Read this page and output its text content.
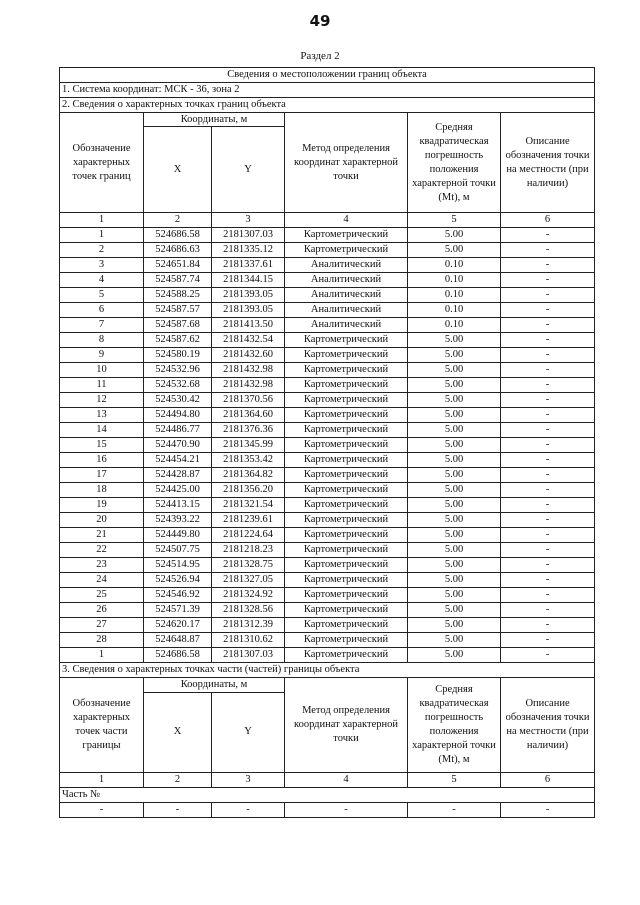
49
Раздел 2
Сведения о местоположении границ объекта					
1. Система координат: МСК - 36, зона 2					
2. Сведения о характерных точках границ объекта					
Обозначение характерных точек границ	Координаты, м		Метод определения координат характерной точки	Средняя квадратическая погрешность положения характерной точки (Mt), м	Описание обозначения точки на местности (при наличии)
	X	Y			
1	2	3	4	5	6
1	524686.58	2181307.03	Картометрический	5.00	-
2	524686.63	2181335.12	Картометрический	5.00	-
3	524651.84	2181337.61	Аналитический	0.10	-
4	524587.74	2181344.15	Аналитический	0.10	-
5	524588.25	2181393.05	Аналитический	0.10	-
6	524587.57	2181393.05	Аналитический	0.10	-
7	524587.68	2181413.50	Аналитический	0.10	-
8	524587.62	2181432.54	Картометрический	5.00	-
9	524580.19	2181432.60	Картометрический	5.00	-
10	524532.96	2181432.98	Картометрический	5.00	-
11	524532.68	2181432.98	Картометрический	5.00	-
12	524530.42	2181370.56	Картометрический	5.00	-
13	524494.80	2181364.60	Картометрический	5.00	-
14	524486.77	2181376.36	Картометрический	5.00	-
15	524470.90	2181345.99	Картометрический	5.00	-
16	524454.21	2181353.42	Картометрический	5.00	-
17	524428.87	2181364.82	Картометрический	5.00	-
18	524425.00	2181356.20	Картометрический	5.00	-
19	524413.15	2181321.54	Картометрический	5.00	-
20	524393.22	2181239.61	Картометрический	5.00	-
21	524449.80	2181224.64	Картометрический	5.00	-
22	524507.75	2181218.23	Картометрический	5.00	-
23	524514.95	2181328.75	Картометрический	5.00	-
24	524526.94	2181327.05	Картометрический	5.00	-
25	524546.92	2181324.92	Картометрический	5.00	-
26	524571.39	2181328.56	Картометрический	5.00	-
27	524620.17	2181312.39	Картометрический	5.00	-
28	524648.87	2181310.62	Картометрический	5.00	-
1	524686.58	2181307.03	Картометрический	5.00	-
3. Сведения о характерных точках части (частей) границы объекта					
Обозначение характерных точек части границы	Координаты, м		Метод определения координат характерной точки	Средняя квадратическая погрешность положения характерной точки (Mt), м	Описание обозначения точки на местности (при наличии)
	X	Y			
1	2	3	4	5	6
Часть №					
-	-	-	-	-	-
